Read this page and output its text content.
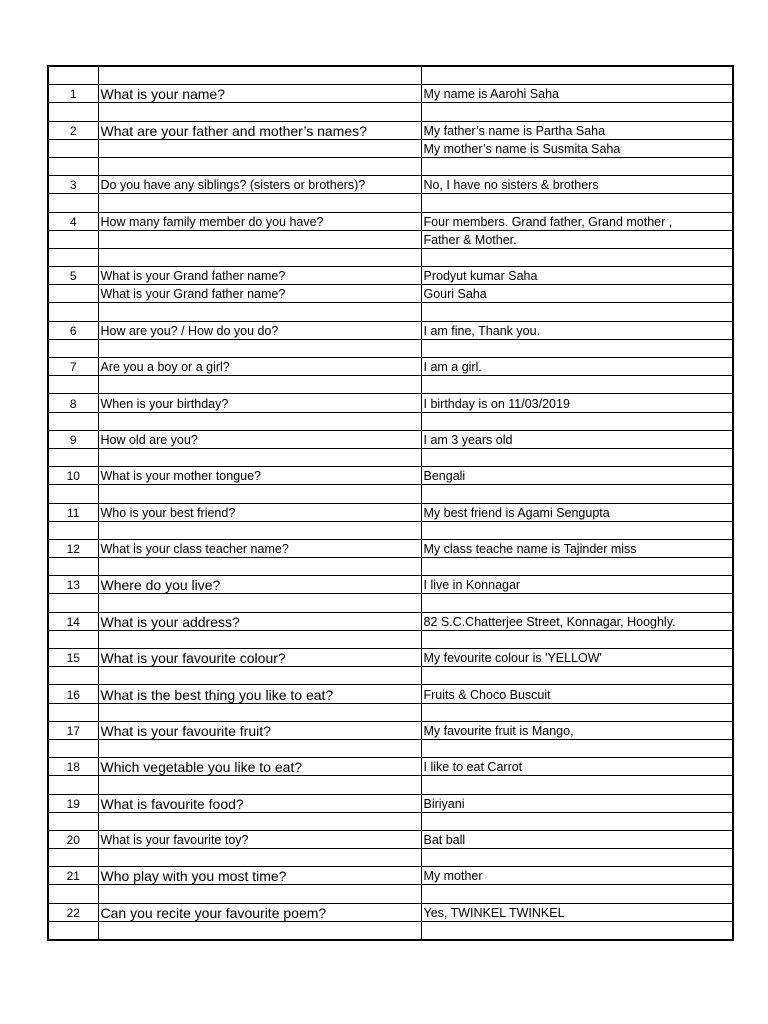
1	What is your name?	My name is Aarohi Saha

2	What are your father and mother’s names?	My father’s name is Partha Saha
		My mother’s name is Susmita Saha

3	Do you have any siblings? (sisters or brothers)?	No, I have no sisters & brothers

4	How many family member do you have?	Four members. Grand father, Grand mother ,
		Father & Mother.

5	What is your Grand father name?	Prodyut kumar Saha
	What is your Grand father name?	Gouri Saha

6	How are you? / How do you do?	I am fine, Thank you.

7	Are you a boy or a girl?	I am a girl.

8	When is your birthday?	I birthday is on 11/03/2019

9	How old are you?	I am 3 years old

10	What is your mother tongue?	Bengali

11	Who is your best friend?	My best friend is Agami Sengupta

12	What is your class teacher name?	My class teache name is Tajinder miss

13	Where do you live?	I live in Konnagar

14	What is your address?	82 S.C.Chatterjee Street, Konnagar, Hooghly.

15	What is your favourite colour?	My fevourite colour is 'YELLOW'

16	What is the best thing you like to eat?	Fruits & Choco Buscuit

17	What is your favourite fruit?	My favourite fruit is Mango,

18	Which vegetable you like to eat?	I like to eat Carrot

19	What is favourite food?	Biriyani

20	What is your favourite toy?	Bat ball

21	Who play with you most time?	My mother

22	Can you recite your favourite poem?	Yes, TWINKEL TWINKEL
